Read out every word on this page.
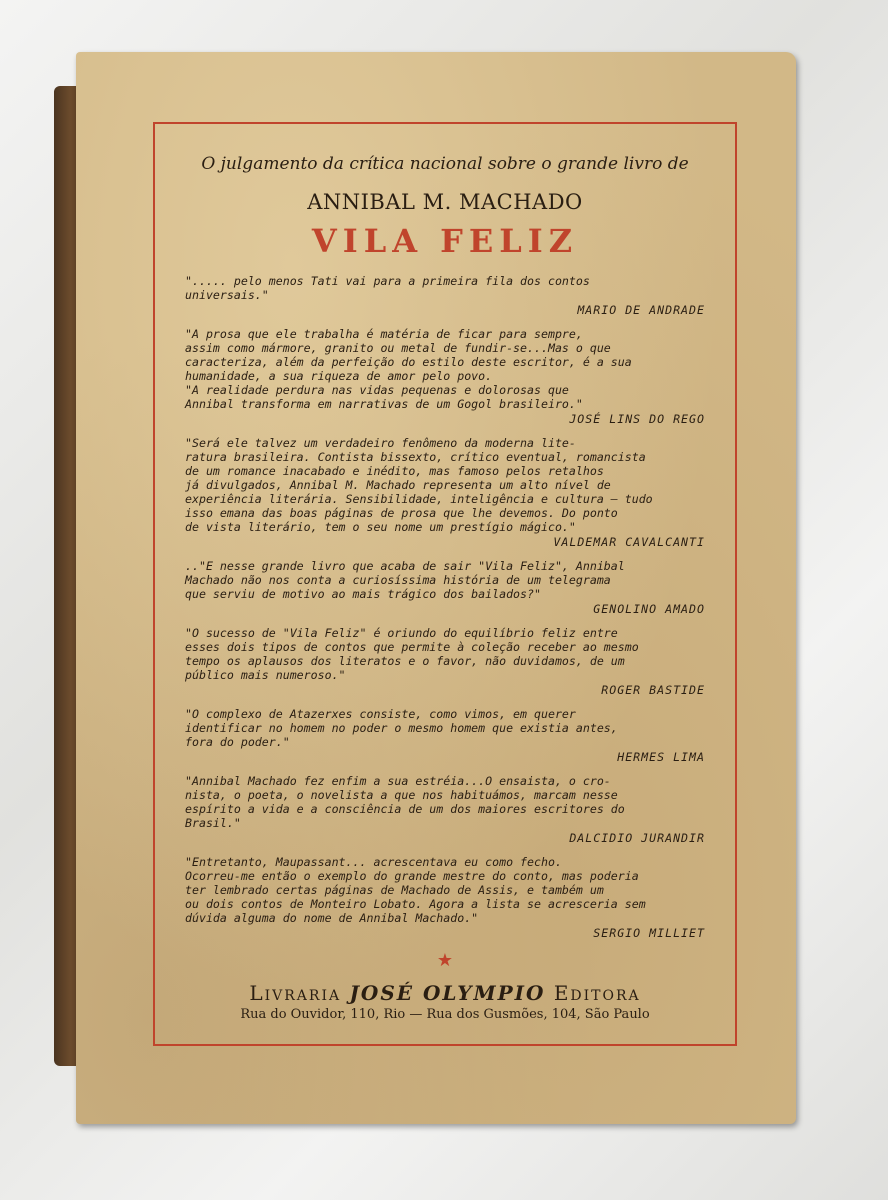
O julgamento da crítica nacional sobre o grande livro de
ANNIBAL M. MACHADO
VILA FELIZ

"..... pelo menos Tati vai para a primeira fila dos contos
universais."

MARIO DE ANDRADE

"A prosa que ele trabalha é matéria de ficar para sempre,
assim como mármore, granito ou metal de fundir-se...Mas o que
caracteriza, além da perfeição do estilo deste escritor, é a sua
humanidade, a sua riqueza de amor pelo povo.
"A realidade perdura nas vidas pequenas e dolorosas que
Annibal transforma em narrativas de um Gogol brasileiro."

JOSÉ LINS DO REGO

"Será ele talvez um verdadeiro fenômeno da moderna lite-
ratura brasileira. Contista bissexto, crítico eventual, romancista
de um romance inacabado e inédito, mas famoso pelos retalhos
já divulgados, Annibal M. Machado representa um alto nível de
experiência literária. Sensibilidade, inteligência e cultura — tudo
isso emana das boas páginas de prosa que lhe devemos. Do ponto
de vista literário, tem o seu nome um prestígio mágico."

VALDEMAR CAVALCANTI

.."E nesse grande livro que acaba de sair "Vila Feliz", Annibal
Machado não nos conta a curiosíssima história de um telegrama
que serviu de motivo ao mais trágico dos bailados?"

GENOLINO AMADO

"O sucesso de "Vila Feliz" é oriundo do equilíbrio feliz entre
esses dois tipos de contos que permite à coleção receber ao mesmo
tempo os aplausos dos literatos e o favor, não duvidamos, de um
público mais numeroso."

ROGER BASTIDE

"O complexo de Atazerxes consiste, como vimos, em querer
identificar no homem no poder o mesmo homem que existia antes,
fora do poder."

HERMES LIMA

"Annibal Machado fez enfim a sua estréia...O ensaista, o cro-
nista, o poeta, o novelista a que nos habituámos, marcam nesse
espírito a vida e a consciência de um dos maiores escritores do
Brasil."

DALCIDIO JURANDIR

"Entretanto, Maupassant... acrescentava eu como fecho.
Ocorreu-me então o exemplo do grande mestre do conto, mas poderia
ter lembrado certas páginas de Machado de Assis, e também um
ou dois contos de Monteiro Lobato. Agora a lista se acresceria sem
dúvida alguma do nome de Annibal Machado."

SERGIO MILLIET
★
Livraria JOSÉ OLYMPIO Editora
Rua do Ouvidor, 110, Rio — Rua dos Gusmões, 104, São Paulo
